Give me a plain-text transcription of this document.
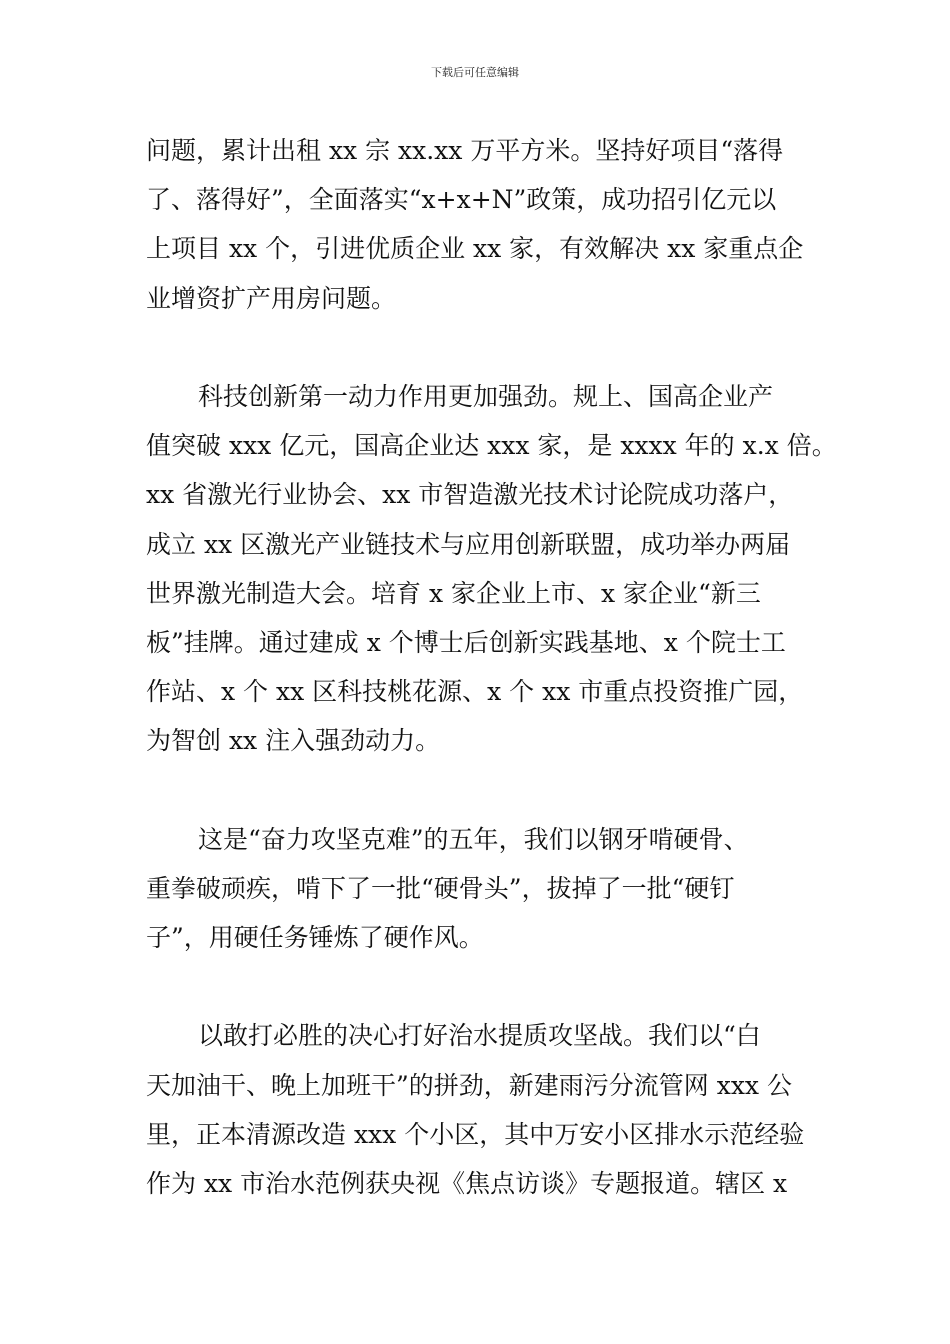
下载后可任意编辑
问题，累计出租 xx 宗 xx.xx 万平方米。坚持好项目“落得
了、落得好”，全面落实“x+x+N”政策，成功招引亿元以
上项目 xx 个，引进优质企业 xx 家，有效解决 xx 家重点企
业增资扩产用房问题。
科技创新第一动力作用更加强劲。规上、国高企业产
值突破 xxx 亿元，国高企业达 xxx 家，是 xxxx 年的 x.x 倍。
xx 省激光行业协会、xx 市智造激光技术讨论院成功落户，
成立 xx 区激光产业链技术与应用创新联盟，成功举办两届
世界激光制造大会。培育 x 家企业上市、x 家企业“新三
板”挂牌。通过建成 x 个博士后创新实践基地、x 个院士工
作站、x 个 xx 区科技桃花源、x 个 xx 市重点投资推广园，
为智创 xx 注入强劲动力。
这是“奋力攻坚克难”的五年，我们以钢牙啃硬骨、
重拳破顽疾，啃下了一批“硬骨头”，拔掉了一批“硬钉
子”，用硬任务锤炼了硬作风。
以敢打必胜的决心打好治水提质攻坚战。我们以“白
天加油干、晚上加班干”的拼劲，新建雨污分流管网 xxx 公
里，正本清源改造 xxx 个小区，其中万安小区排水示范经验
作为 xx 市治水范例获央视《焦点访谈》专题报道。辖区 x
